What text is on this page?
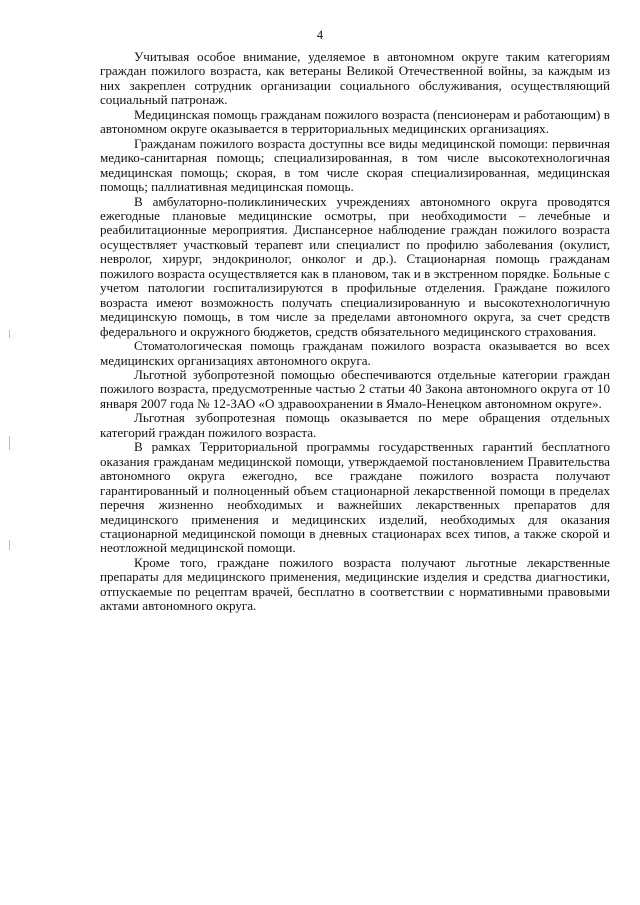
4

Учитывая особое внимание, уделяемое в автономном округе таким категориям граждан пожилого возраста, как ветераны Великой Отечественной войны, за каждым из них закреплен сотрудник организации социального обслуживания, осуществляющий социальный патронаж.

Медицинская помощь гражданам пожилого возраста (пенсионерам и работающим) в автономном округе оказывается в территориальных медицинских организациях.

Гражданам пожилого возраста доступны все виды медицинской помощи: первичная медико-санитарная помощь; специализированная, в том числе высокотехнологичная медицинская помощь; скорая, в том числе скорая специализированная, медицинская помощь; паллиативная медицинская помощь.

В амбулаторно-поликлинических учреждениях автономного округа проводятся ежегодные плановые медицинские осмотры, при необходимости – лечебные и реабилитационные мероприятия. Диспансерное наблюдение граждан пожилого возраста осуществляет участковый терапевт или специалист по профилю заболевания (окулист, невролог, хирург, эндокринолог, онколог и др.). Стационарная помощь гражданам пожилого возраста осуществляется как в плановом, так и в экстренном порядке. Больные с учетом патологии госпитализируются в профильные отделения. Граждане пожилого возраста имеют возможность получать специализированную и высокотехнологичную медицинскую помощь, в том числе за пределами автономного округа, за счет средств федерального и окружного бюджетов, средств обязательного медицинского страхования.

Стоматологическая помощь гражданам пожилого возраста оказывается во всех медицинских организациях автономного округа.

Льготной зубопротезной помощью обеспечиваются отдельные категории граждан пожилого возраста, предусмотренные частью 2 статьи 40 Закона автономного округа от 10 января 2007 года № 12-ЗАО «О здравоохранении в Ямало-Ненецком автономном округе».

Льготная зубопротезная помощь оказывается по мере обращения отдельных категорий граждан пожилого возраста.

В рамках Территориальной программы государственных гарантий бесплатного оказания гражданам медицинской помощи, утверждаемой постановлением Правительства автономного округа ежегодно, все граждане пожилого возраста получают гарантированный и полноценный объем стационарной лекарственной помощи в пределах перечня жизненно необходимых и важнейших лекарственных препаратов для медицинского применения и медицинских изделий, необходимых для оказания стационарной медицинской помощи в дневных стационарах всех типов, а также скорой и неотложной медицинской помощи.

Кроме того, граждане пожилого возраста получают льготные лекарственные препараты для медицинского применения, медицинские изделия и средства диагностики, отпускаемые по рецептам врачей, бесплатно в соответствии с нормативными правовыми актами автономного округа.
